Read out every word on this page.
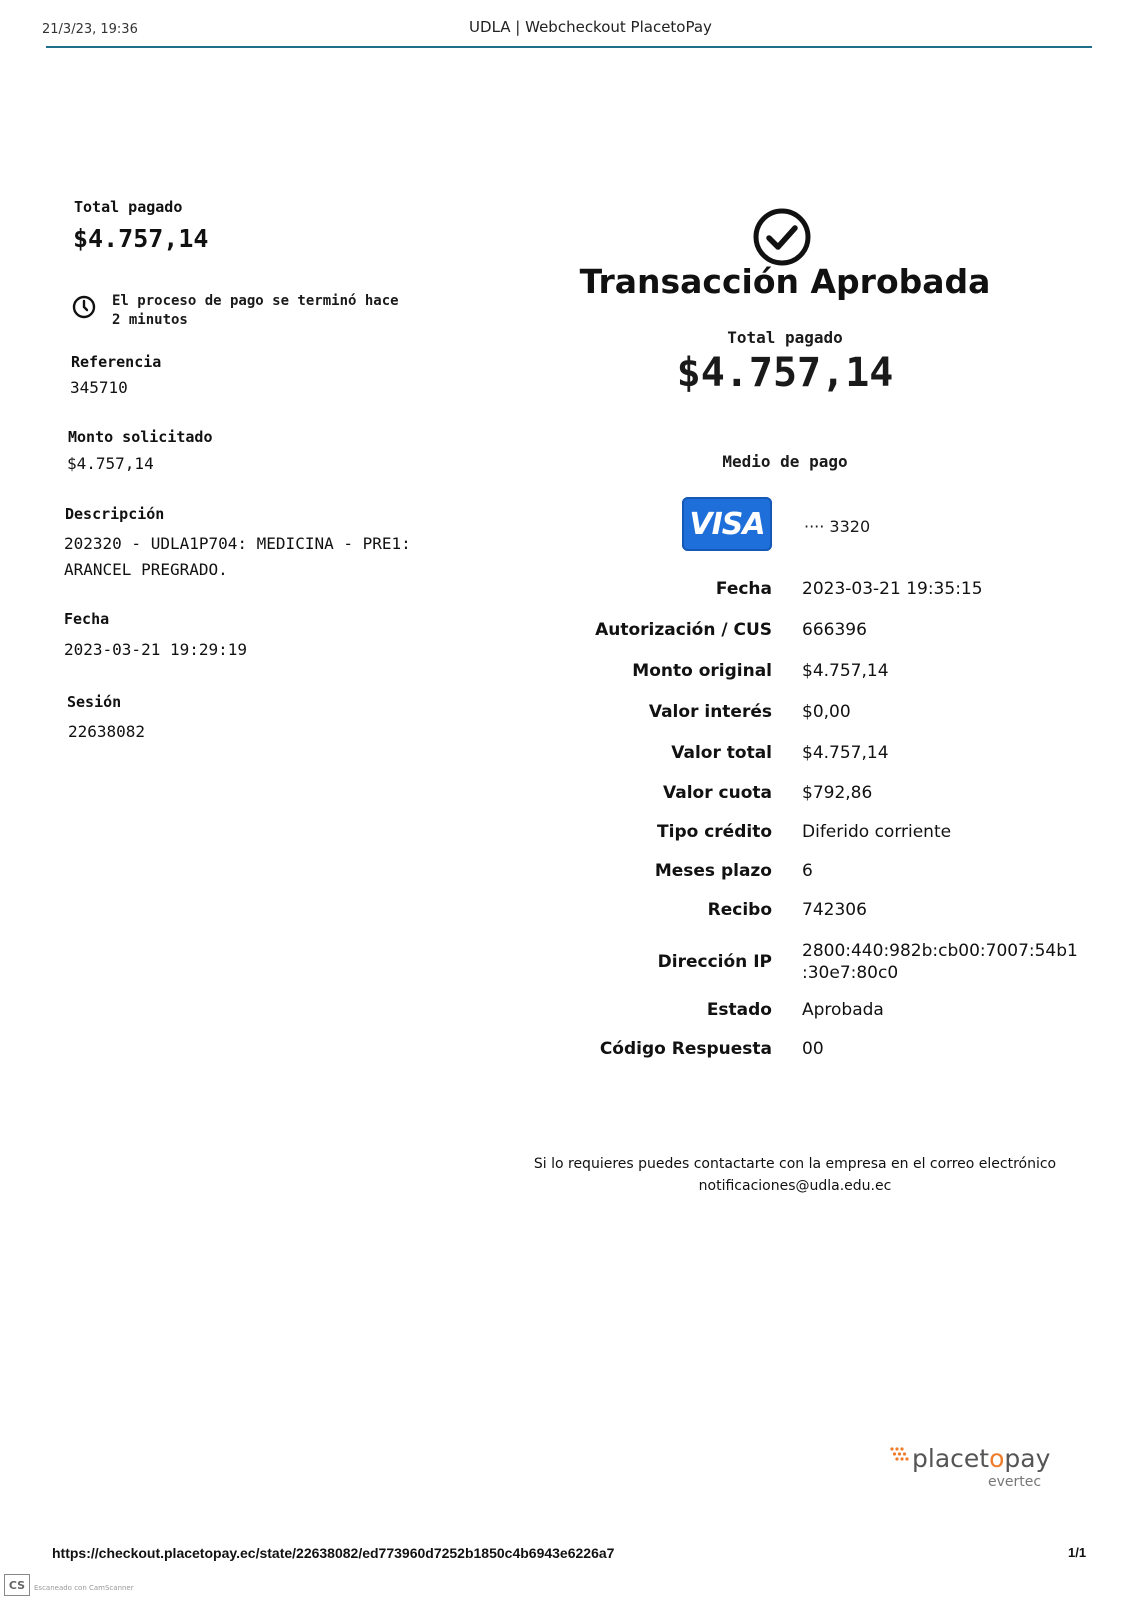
21/3/23, 19:36	UDLA | Webcheckout PlacetoPay
Total pagado
$4.757,14
El proceso de pago se terminó hace 2 minutos
Referencia
345710
Monto solicitado
$4.757,14
Descripción
202320 - UDLA1P704: MEDICINA - PRE1: ARANCEL PREGRADO.
Fecha
2023-03-21 19:29:19
Sesión
22638082
Transacción Aprobada
Total pagado
$4.757,14
Medio de pago
VISA ···· 3320
Fecha 2023-03-21 19:35:15
Autorización / CUS 666396
Monto original $4.757,14
Valor interés $0,00
Valor total $4.757,14
Valor cuota $792,86
Tipo crédito Diferido corriente
Meses plazo 6
Recibo 742306
Dirección IP
2800:440:982b:cb00:7007:54b1
:30e7:80c0
Estado Aprobada
Código Respuesta 00
Si lo requieres puedes contactarte con la empresa en el correo electrónico
notificaciones@udla.edu.ec
placetopay
evertec
https://checkout.placetopay.ec/state/22638082/ed773960d7252b1850c4b6943e6226a7	1/1
CS	Escaneado con CamScanner
